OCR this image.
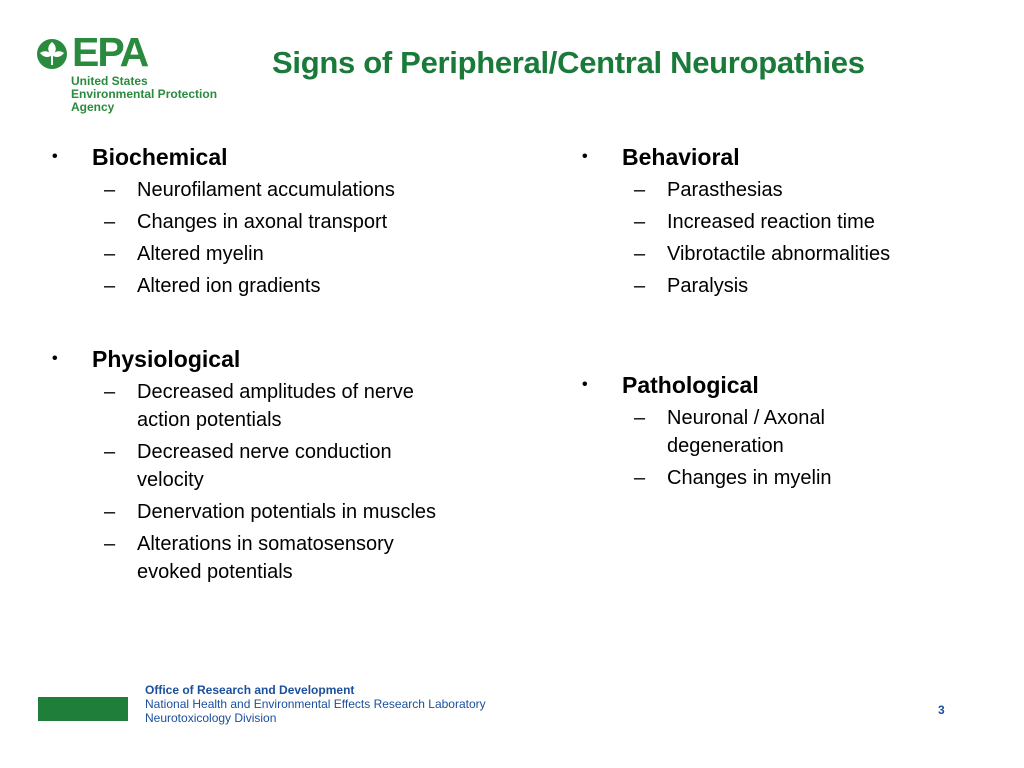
EPA
United States
Environmental Protection
Agency
Signs of Peripheral/Central Neuropathies
•	Biochemical
– Neurofilament accumulations
– Changes in axonal transport
– Altered myelin
– Altered ion gradients
•	Physiological
– Decreased amplitudes of nerve action potentials
– Decreased nerve conduction velocity
– Denervation potentials in muscles
– Alterations in somatosensory evoked potentials
•	Behavioral
– Parasthesias
– Increased reaction time
– Vibrotactile abnormalities
– Paralysis
•	Pathological
– Neuronal / Axonal degeneration
– Changes in myelin
Office of Research and Development
National Health and Environmental Effects Research Laboratory
Neurotoxicology Division
3
